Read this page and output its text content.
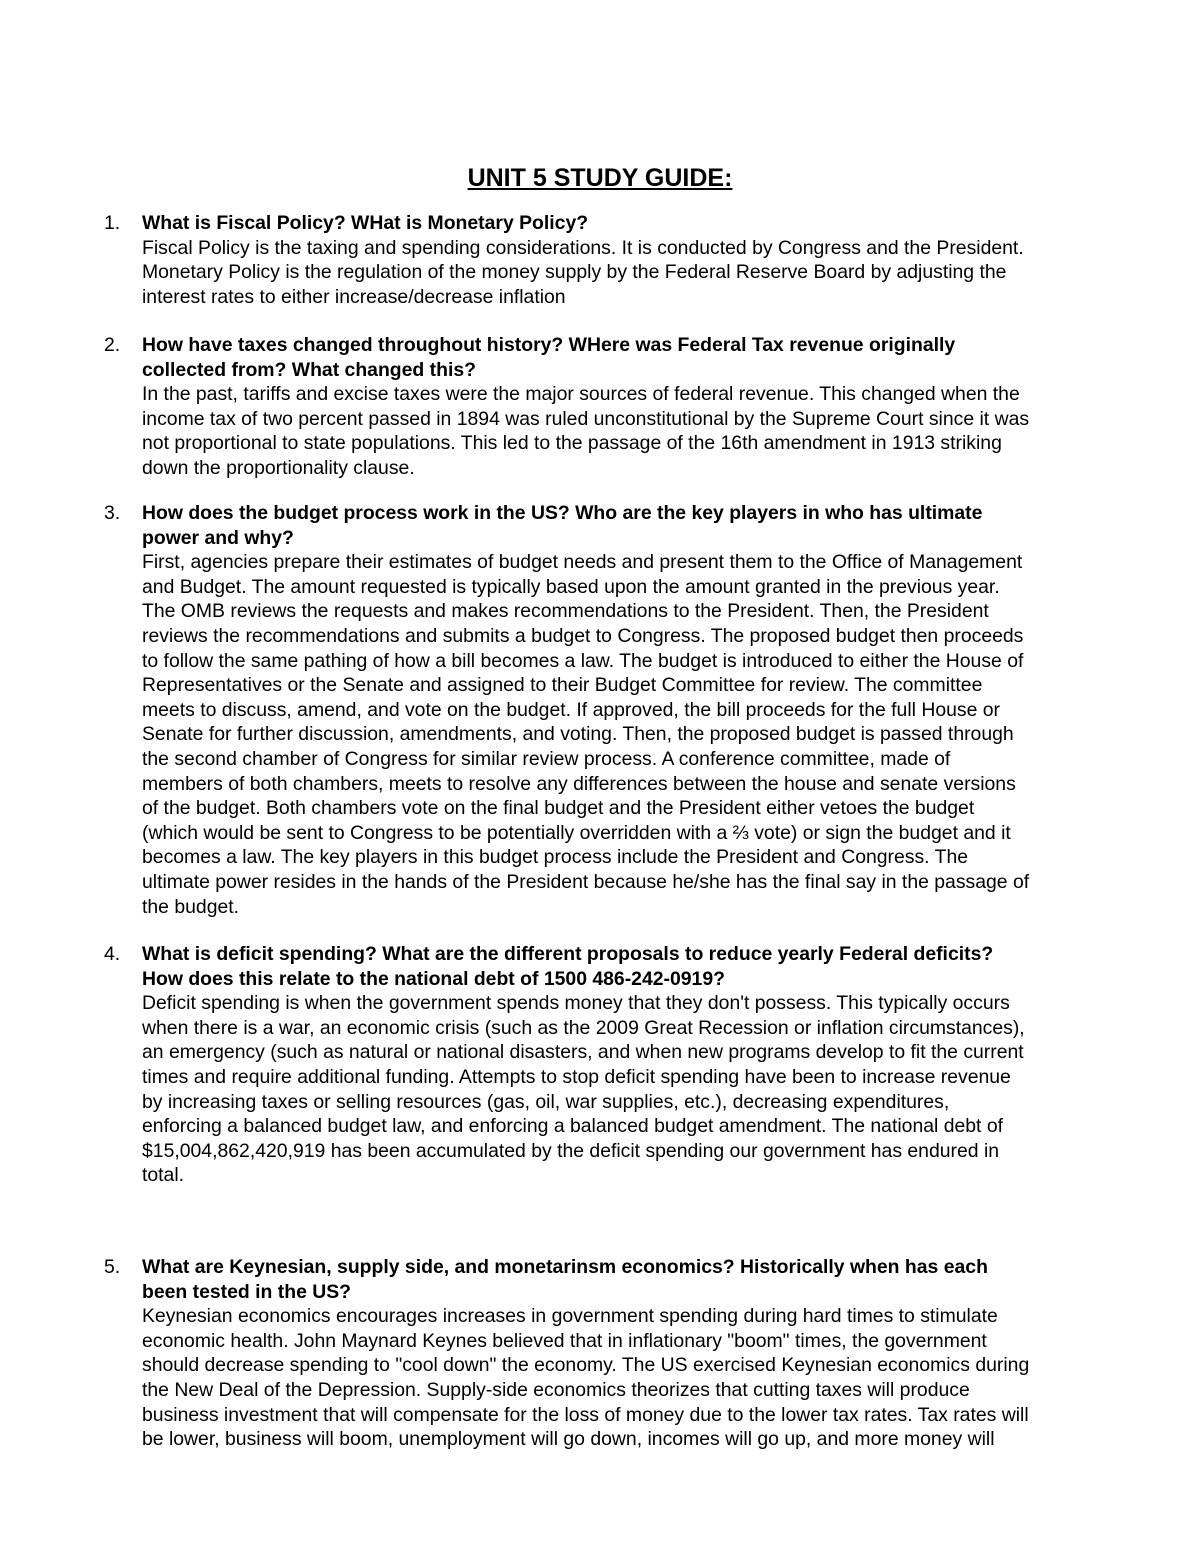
UNIT 5 STUDY GUIDE:
1. What is Fiscal Policy? WHat is Monetary Policy?
Fiscal Policy is the taxing and spending considerations. It is conducted by Congress and the President.
Monetary Policy is the regulation of the money supply by the Federal Reserve Board by adjusting the
interest rates to either increase/decrease inflation
2. How have taxes changed throughout history? WHere was Federal Tax revenue originally
collected from? What changed this?
In the past, tariffs and excise taxes were the major sources of federal revenue. This changed when the
income tax of two percent passed in 1894 was ruled unconstitutional by the Supreme Court since it was
not proportional to state populations. This led to the passage of the 16th amendment in 1913 striking
down the proportionality clause.
3. How does the budget process work in the US? Who are the key players in who has ultimate
power and why?
First, agencies prepare their estimates of budget needs and present them to the Office of Management
and Budget. The amount requested is typically based upon the amount granted in the previous year.
The OMB reviews the requests and makes recommendations to the President. Then, the President
reviews the recommendations and submits a budget to Congress. The proposed budget then proceeds
to follow the same pathing of how a bill becomes a law. The budget is introduced to either the House of
Representatives or the Senate and assigned to their Budget Committee for review. The committee
meets to discuss, amend, and vote on the budget. If approved, the bill proceeds for the full House or
Senate for further discussion, amendments, and voting. Then, the proposed budget is passed through
the second chamber of Congress for similar review process. A conference committee, made of
members of both chambers, meets to resolve any differences between the house and senate versions
of the budget. Both chambers vote on the final budget and the President either vetoes the budget
(which would be sent to Congress to be potentially overridden with a ⅔ vote) or sign the budget and it
becomes a law. The key players in this budget process include the President and Congress. The
ultimate power resides in the hands of the President because he/she has the final say in the passage of
the budget.
4. What is deficit spending? What are the different proposals to reduce yearly Federal deficits?
How does this relate to the national debt of 1500 486-242-0919?
Deficit spending is when the government spends money that they don't possess. This typically occurs
when there is a war, an economic crisis (such as the 2009 Great Recession or inflation circumstances),
an emergency (such as natural or national disasters, and when new programs develop to fit the current
times and require additional funding. Attempts to stop deficit spending have been to increase revenue
by increasing taxes or selling resources (gas, oil, war supplies, etc.), decreasing expenditures,
enforcing a balanced budget law, and enforcing a balanced budget amendment. The national debt of
$15,004,862,420,919 has been accumulated by the deficit spending our government has endured in
total.
5. What are Keynesian, supply side, and monetarinsm economics? Historically when has each
been tested in the US?
Keynesian economics encourages increases in government spending during hard times to stimulate
economic health. John Maynard Keynes believed that in inflationary "boom" times, the government
should decrease spending to "cool down" the economy. The US exercised Keynesian economics during
the New Deal of the Depression. Supply-side economics theorizes that cutting taxes will produce
business investment that will compensate for the loss of money due to the lower tax rates. Tax rates will
be lower, business will boom, unemployment will go down, incomes will go up, and more money will
